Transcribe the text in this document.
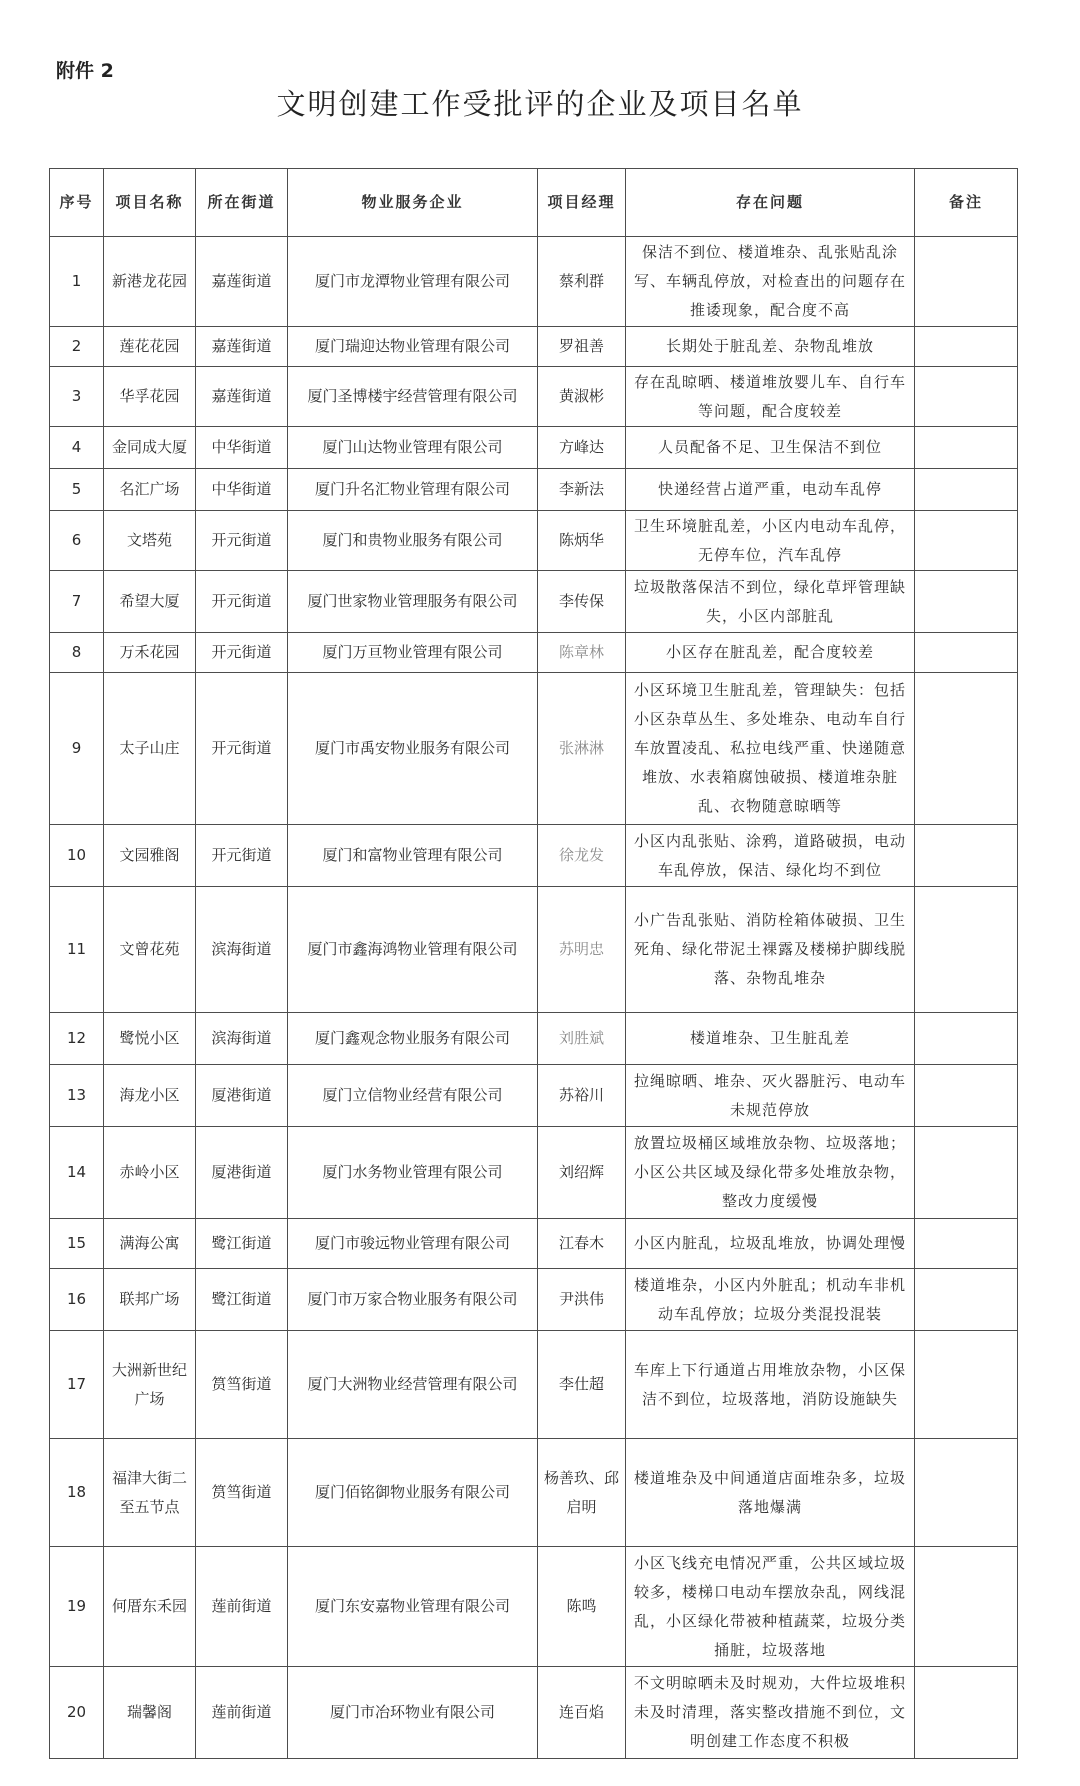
附件 2
文明创建工作受批评的企业及项目名单
序号	项目名称	所在街道	物业服务企业	项目经理	存在问题	备注
1	新港龙花园	嘉莲街道	厦门市龙潭物业管理有限公司	蔡利群	保洁不到位、楼道堆杂、乱张贴乱涂写、车辆乱停放，对检查出的问题存在推诿现象，配合度不高	
2	莲花花园	嘉莲街道	厦门瑞迎达物业管理有限公司	罗祖善	长期处于脏乱差、杂物乱堆放	
3	华孚花园	嘉莲街道	厦门圣博楼宇经营管理有限公司	黄淑彬	存在乱晾晒、楼道堆放婴儿车、自行车等问题，配合度较差	
4	金同成大厦	中华街道	厦门山达物业管理有限公司	方峰达	人员配备不足、卫生保洁不到位	
5	名汇广场	中华街道	厦门升名汇物业管理有限公司	李新法	快递经营占道严重，电动车乱停	
6	文塔苑	开元街道	厦门和贵物业服务有限公司	陈炳华	卫生环境脏乱差，小区内电动车乱停，无停车位，汽车乱停	
7	希望大厦	开元街道	厦门世家物业管理服务有限公司	李传保	垃圾散落保洁不到位，绿化草坪管理缺失，小区内部脏乱	
8	万禾花园	开元街道	厦门万亘物业管理有限公司	陈章林	小区存在脏乱差，配合度较差	
9	太子山庄	开元街道	厦门市禹安物业服务有限公司	张淋淋	小区环境卫生脏乱差，管理缺失：包括小区杂草丛生、多处堆杂、电动车自行车放置凌乱、私拉电线严重、快递随意堆放、水表箱腐蚀破损、楼道堆杂脏乱、衣物随意晾晒等	
10	文园雅阁	开元街道	厦门和富物业管理有限公司	徐龙发	小区内乱张贴、涂鸦，道路破损，电动车乱停放，保洁、绿化均不到位	
11	文曾花苑	滨海街道	厦门市鑫海鸿物业管理有限公司	苏明忠	小广告乱张贴、消防栓箱体破损、卫生死角、绿化带泥土裸露及楼梯护脚线脱落、杂物乱堆杂	
12	鹭悦小区	滨海街道	厦门鑫观念物业服务有限公司	刘胜斌	楼道堆杂、卫生脏乱差	
13	海龙小区	厦港街道	厦门立信物业经营有限公司	苏裕川	拉绳晾晒、堆杂、灭火器脏污、电动车未规范停放	
14	赤岭小区	厦港街道	厦门水务物业管理有限公司	刘绍辉	放置垃圾桶区域堆放杂物、垃圾落地；小区公共区域及绿化带多处堆放杂物，整改力度缓慢	
15	满海公寓	鹭江街道	厦门市骏远物业管理有限公司	江春木	小区内脏乱，垃圾乱堆放，协调处理慢	
16	联邦广场	鹭江街道	厦门市万家合物业服务有限公司	尹洪伟	楼道堆杂，小区内外脏乱；机动车非机动车乱停放；垃圾分类混投混装	
17	大洲新世纪广场	筼筜街道	厦门大洲物业经营管理有限公司	李仕超	车库上下行通道占用堆放杂物，小区保洁不到位，垃圾落地，消防设施缺失	
18	福津大街二至五节点	筼筜街道	厦门佰铭御物业服务有限公司	杨善玖、邱启明	楼道堆杂及中间通道店面堆杂多，垃圾落地爆满	
19	何厝东禾园	莲前街道	厦门东安嘉物业管理有限公司	陈鸣	小区飞线充电情况严重，公共区域垃圾较多，楼梯口电动车摆放杂乱，网线混乱，小区绿化带被种植蔬菜，垃圾分类捅脏，垃圾落地	
20	瑞馨阁	莲前街道	厦门市冶环物业有限公司	连百焰	不文明晾晒未及时规劝，大件垃圾堆积未及时清理，落实整改措施不到位，文明创建工作态度不积极	
